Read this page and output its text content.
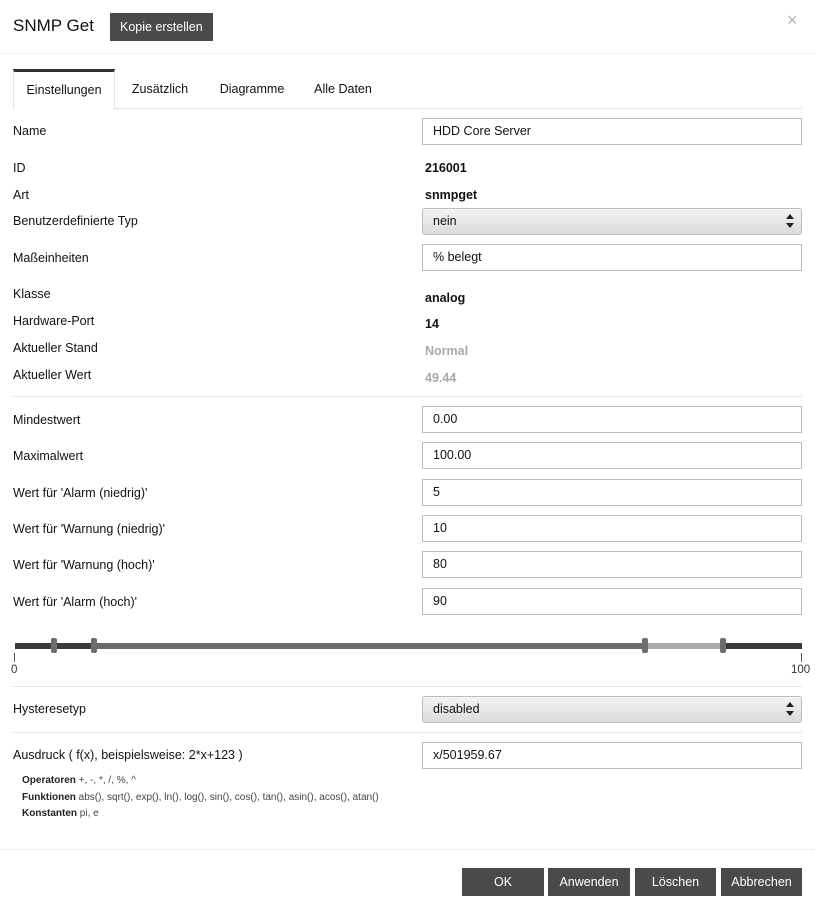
SNMP Get	Kopie erstellen	×
Einstellungen	Zusätzlich	Diagramme	Alle Daten
Name	HDD Core Server
ID	216001
Art	snmpget
Benutzerdefinierte Typ	nein
Maßeinheiten	% belegt
Klasse	analog
Hardware-Port	14
Aktueller Stand	Normal
Aktueller Wert	49.44
Mindestwert	0.00
Maximalwert	100.00
Wert für 'Alarm (niedrig)'	5
Wert für 'Warnung (niedrig)'	10
Wert für 'Warnung (hoch)'	80
Wert für 'Alarm (hoch)'	90
0	100
Hysteresetyp	disabled
Ausdruck ( f(x), beispielsweise: 2*x+123 )	x/501959.67
Operatoren +, -, *, /, %, ^
Funktionen abs(), sqrt(), exp(), ln(), log(), sin(), cos(), tan(), asin(), acos(), atan()
Konstanten pi, e
OK	Anwenden	Löschen	Abbrechen
